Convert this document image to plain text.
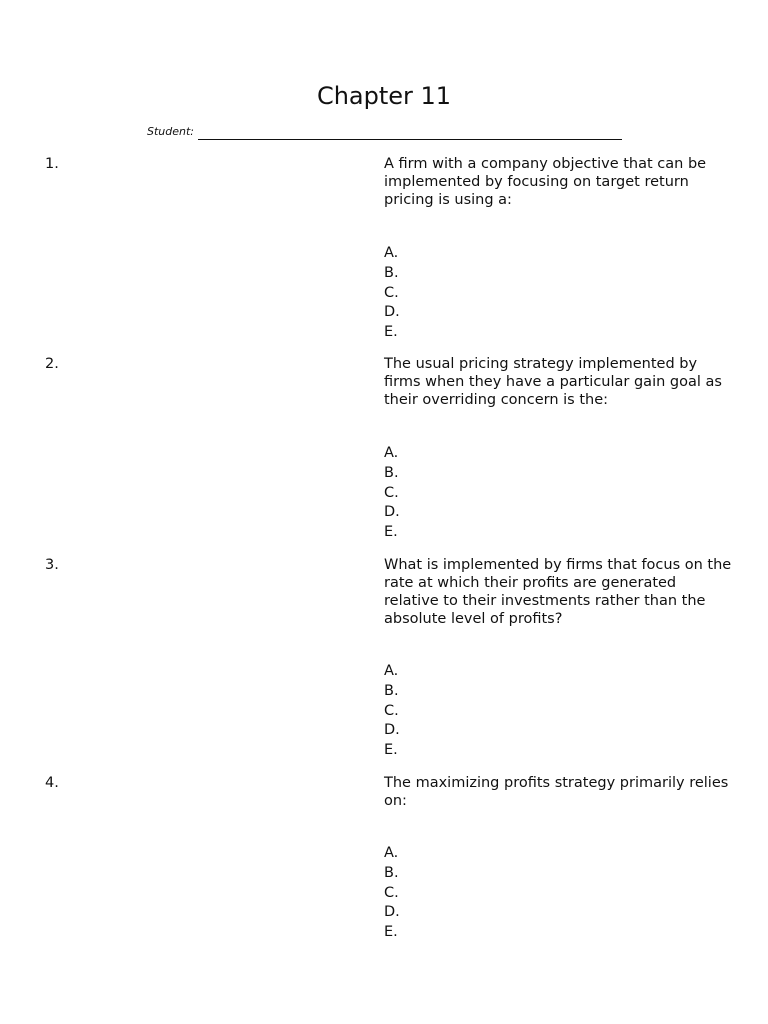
Chapter 11
Student:
1.	A firm with a company objective that can be implemented by focusing on target return pricing is using a:
A.
B.
C.
D.
E.
2.	The usual pricing strategy implemented by firms when they have a particular gain goal as their overriding concern is the:
A.
B.
C.
D.
E.
3.	What is implemented by firms that focus on the rate at which their profits are generated relative to their investments rather than the absolute level of profits?
A.
B.
C.
D.
E.
4.	The maximizing profits strategy primarily relies on:
A.
B.
C.
D.
E.
